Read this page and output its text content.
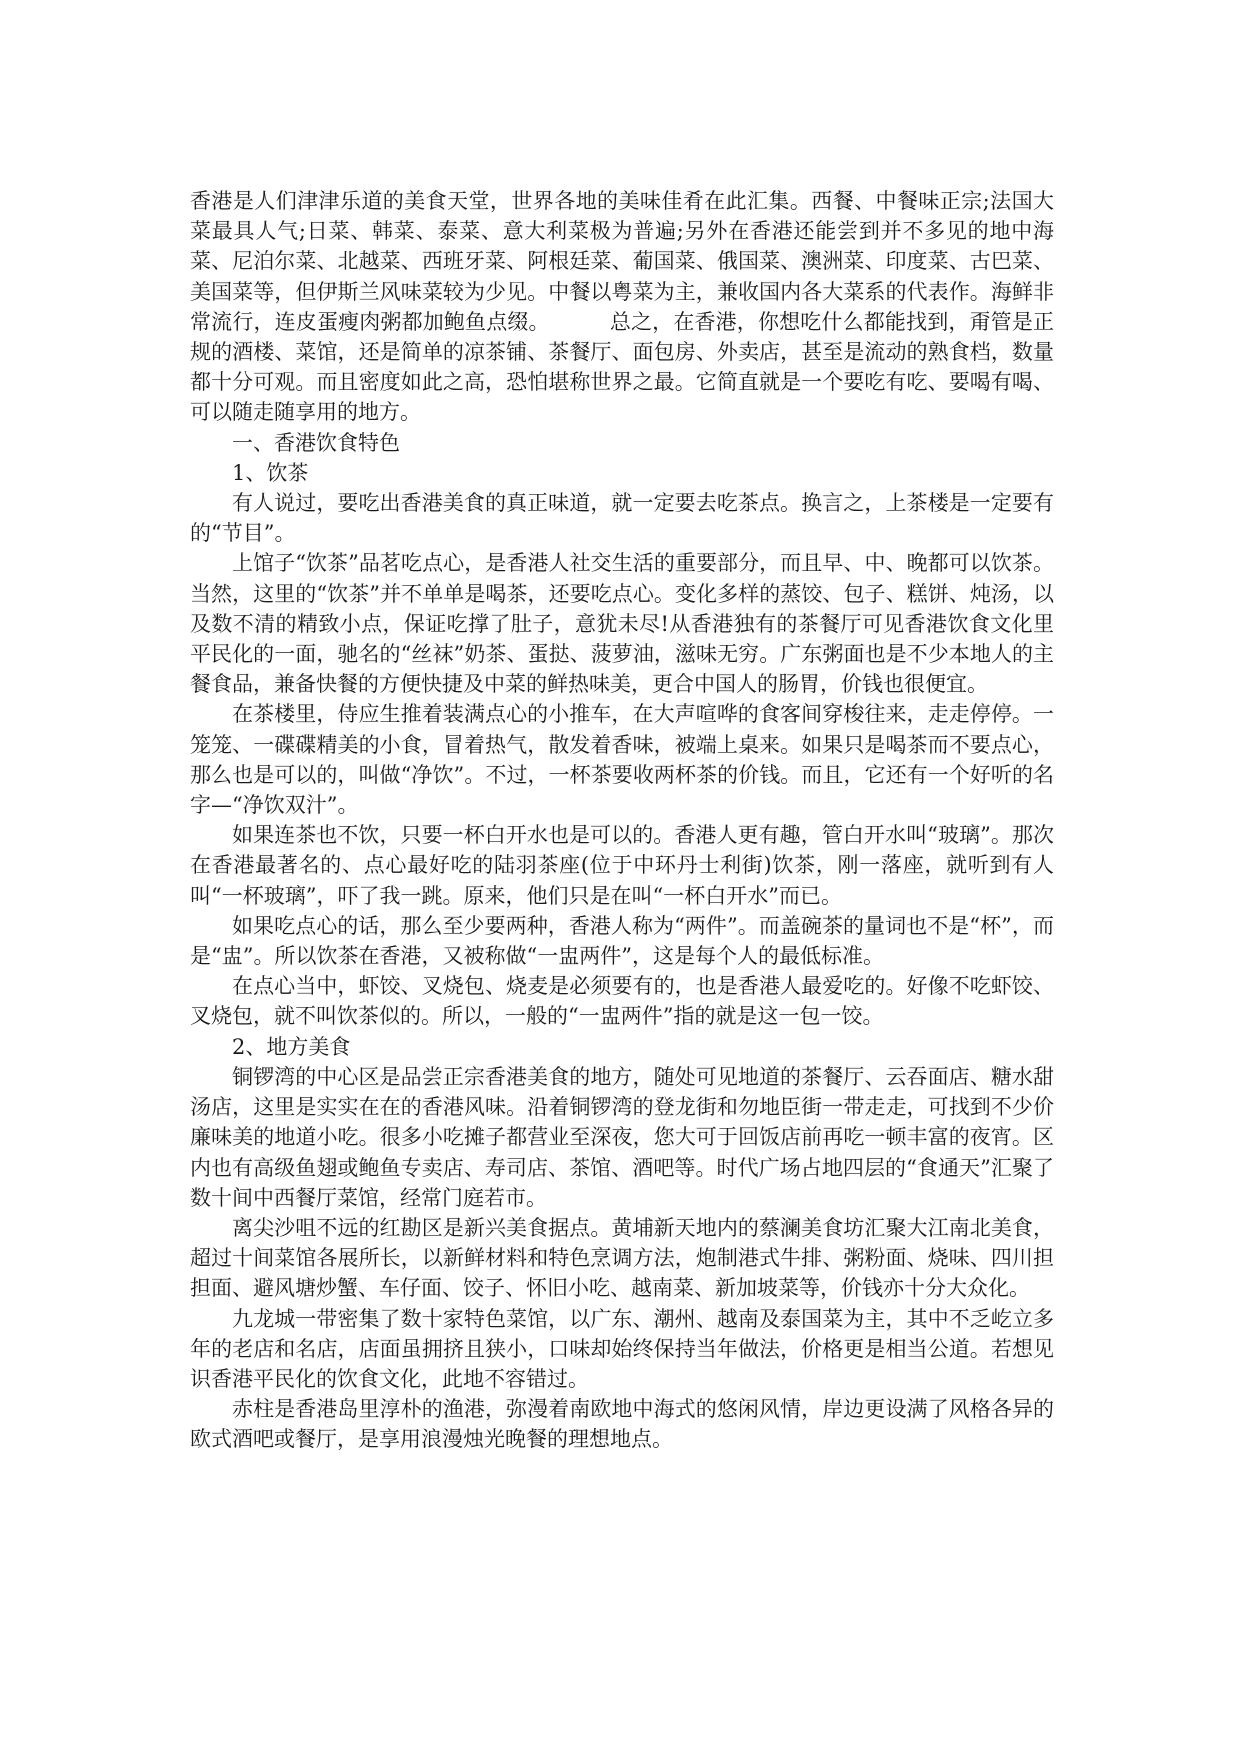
香港是人们津津乐道的美食天堂，世界各地的美味佳肴在此汇集。西餐、中餐味正宗;法国大菜最具人气;日菜、韩菜、泰菜、意大利菜极为普遍;另外在香港还能尝到并不多见的地中海菜、尼泊尔菜、北越菜、西班牙菜、阿根廷菜、葡国菜、俄国菜、澳洲菜、印度菜、古巴菜、美国菜等，但伊斯兰风味菜较为少见。中餐以粤菜为主，兼收国内各大菜系的代表作。海鲜非常流行，连皮蛋瘦肉粥都加鲍鱼点缀。	总之，在香港，你想吃什么都能找到，甭管是正规的酒楼、菜馆，还是简单的凉茶铺、茶餐厅、面包房、外卖店，甚至是流动的熟食档，数量都十分可观。而且密度如此之高，恐怕堪称世界之最。它简直就是一个要吃有吃、要喝有喝、可以随走随享用的地方。

一、香港饮食特色

1、饮茶

有人说过，要吃出香港美食的真正味道，就一定要去吃茶点。换言之，上茶楼是一定要有的“节目”。

上馆子“饮茶”品茗吃点心，是香港人社交生活的重要部分，而且早、中、晚都可以饮茶。当然，这里的“饮茶”并不单单是喝茶，还要吃点心。变化多样的蒸饺、包子、糕饼、炖汤，以及数不清的精致小点，保证吃撑了肚子，意犹未尽!从香港独有的茶餐厅可见香港饮食文化里平民化的一面，驰名的“丝袜”奶茶、蛋挞、菠萝油，滋味无穷。广东粥面也是不少本地人的主餐食品，兼备快餐的方便快捷及中菜的鲜热味美，更合中国人的肠胃，价钱也很便宜。

在茶楼里，侍应生推着装满点心的小推车，在大声喧哗的食客间穿梭往来，走走停停。一笼笼、一碟碟精美的小食，冒着热气，散发着香味，被端上桌来。如果只是喝茶而不要点心，那么也是可以的，叫做“净饮”。不过，一杯茶要收两杯茶的价钱。而且，它还有一个好听的名字—“净饮双汁”。

如果连茶也不饮，只要一杯白开水也是可以的。香港人更有趣，管白开水叫“玻璃”。那次在香港最著名的、点心最好吃的陆羽茶座(位于中环丹士利街)饮茶，刚一落座，就听到有人叫“一杯玻璃”，吓了我一跳。原来，他们只是在叫“一杯白开水”而已。

如果吃点心的话，那么至少要两种，香港人称为“两件”。而盖碗茶的量词也不是“杯”，而是“盅”。所以饮茶在香港，又被称做“一盅两件”，这是每个人的最低标准。

在点心当中，虾饺、叉烧包、烧麦是必须要有的，也是香港人最爱吃的。好像不吃虾饺、叉烧包，就不叫饮茶似的。所以，一般的“一盅两件”指的就是这一包一饺。

2、地方美食

铜锣湾的中心区是品尝正宗香港美食的地方，随处可见地道的茶餐厅、云吞面店、糖水甜汤店，这里是实实在在的香港风味。沿着铜锣湾的登龙街和勿地臣街一带走走，可找到不少价廉味美的地道小吃。很多小吃摊子都营业至深夜，您大可于回饭店前再吃一顿丰富的夜宵。区内也有高级鱼翅或鲍鱼专卖店、寿司店、茶馆、酒吧等。时代广场占地四层的“食通天”汇聚了数十间中西餐厅菜馆，经常门庭若市。

离尖沙咀不远的红勘区是新兴美食据点。黄埔新天地内的蔡澜美食坊汇聚大江南北美食，超过十间菜馆各展所长，以新鲜材料和特色烹调方法，炮制港式牛排、粥粉面、烧味、四川担担面、避风塘炒蟹、车仔面、饺子、怀旧小吃、越南菜、新加坡菜等，价钱亦十分大众化。

九龙城一带密集了数十家特色菜馆，以广东、潮州、越南及泰国菜为主，其中不乏屹立多年的老店和名店，店面虽拥挤且狭小，口味却始终保持当年做法，价格更是相当公道。若想见识香港平民化的饮食文化，此地不容错过。

赤柱是香港岛里淳朴的渔港，弥漫着南欧地中海式的悠闲风情，岸边更设满了风格各异的欧式酒吧或餐厅，是享用浪漫烛光晚餐的理想地点。
